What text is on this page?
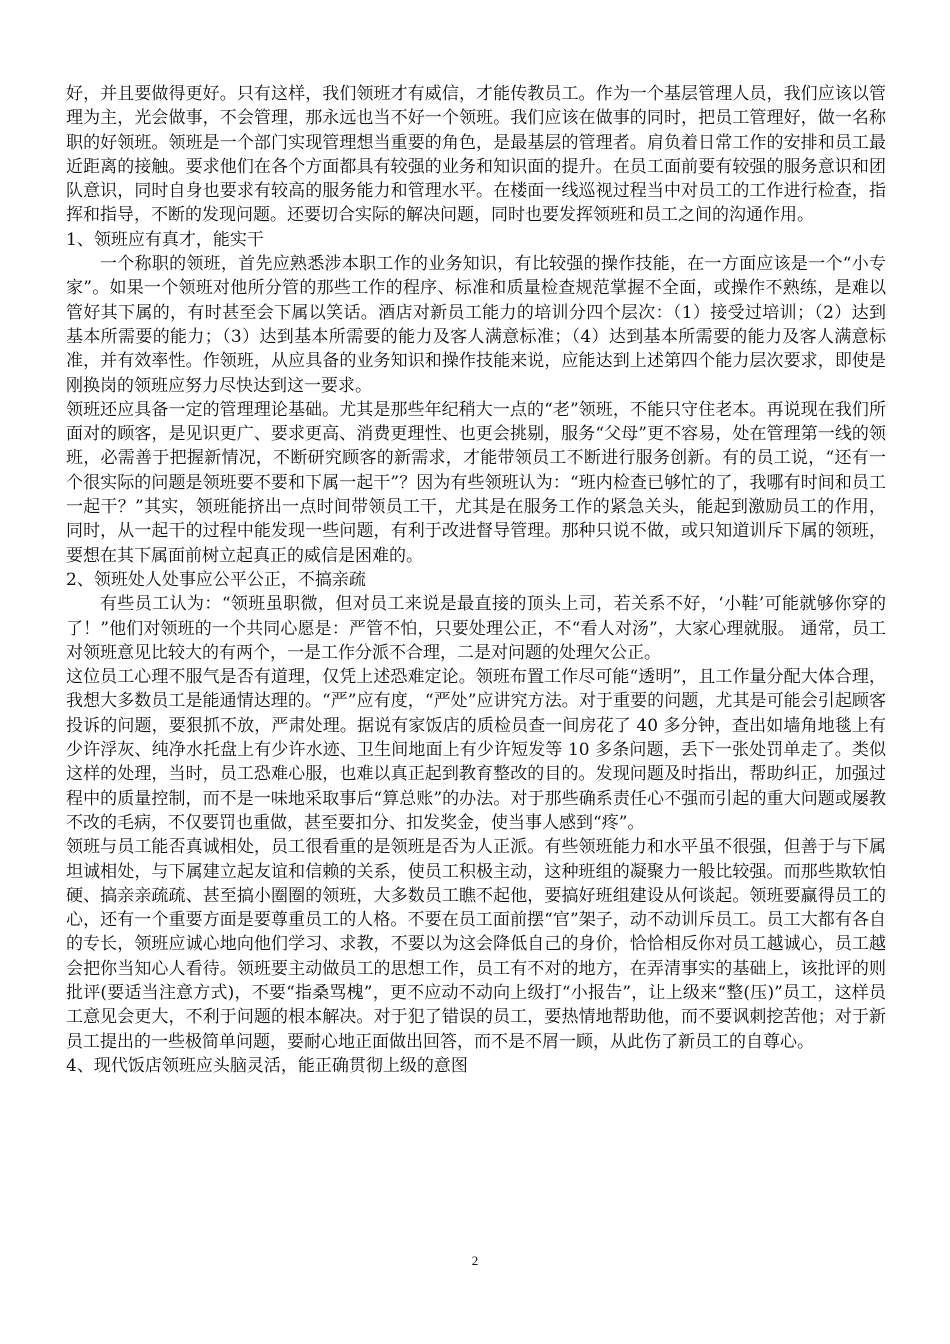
好，并且要做得更好。只有这样，我们领班才有威信，才能传教员工。作为一个基层管理人员，我们应该以管理为主，光会做事，不会管理，那永远也当不好一个领班。我们应该在做事的同时，把员工管理好，做一名称职的好领班。领班是一个部门实现管理想当重要的角色，是最基层的管理者。肩负着日常工作的安排和员工最近距离的接触。要求他们在各个方面都具有较强的业务和知识面的提升。在员工面前要有较强的服务意识和团队意识，同时自身也要求有较高的服务能力和管理水平。在楼面一线巡视过程当中对员工的工作进行检查，指挥和指导，不断的发现问题。还要切合实际的解决问题，同时也要发挥领班和员工之间的沟通作用。

1、领班应有真才，能实干

一个称职的领班，首先应熟悉涉本职工作的业务知识，有比较强的操作技能，在一方面应该是一个“小专家”。如果一个领班对他所分管的那些工作的程序、标准和质量检查规范掌握不全面，或操作不熟练，是难以管好其下属的，有时甚至会下属以笑话。酒店对新员工能力的培训分四个层次：（1）接受过培训；（2）达到基本所需要的能力；（3）达到基本所需要的能力及客人满意标准；（4）达到基本所需要的能力及客人满意标准，并有效率性。作领班，从应具备的业务知识和操作技能来说，应能达到上述第四个能力层次要求，即使是刚换岗的领班应努力尽快达到这一要求。

领班还应具备一定的管理理论基础。尤其是那些年纪稍大一点的“老”领班，不能只守住老本。再说现在我们所面对的顾客，是见识更广、要求更高、消费更理性、也更会挑剔，服务“父母”更不容易，处在管理第一线的领班，必需善于把握新情况，不断研究顾客的新需求，才能带领员工不断进行服务创新。有的员工说，“还有一个很实际的问题是领班要不要和下属一起干”？因为有些领班认为：“班内检查已够忙的了，我哪有时间和员工一起干？”其实，领班能挤出一点时间带领员工干，尤其是在服务工作的紧急关头，能起到激励员工的作用，同时，从一起干的过程中能发现一些问题，有利于改进督导管理。那种只说不做，或只知道训斥下属的领班，要想在其下属面前树立起真正的威信是困难的。

2、领班处人处事应公平公正，不搞亲疏

有些员工认为：“领班虽职微，但对员工来说是最直接的顶头上司，若关系不好，‘小鞋’可能就够你穿的了！”他们对领班的一个共同心愿是：严管不怕，只要处理公正，不“看人对汤”，大家心理就服。 通常，员工对领班意见比较大的有两个，一是工作分派不合理，二是对问题的处理欠公正。

这位员工心理不服气是否有道理，仅凭上述恐难定论。领班布置工作尽可能“透明”，且工作量分配大体合理，我想大多数员工是能通情达理的。“严”应有度，“严处”应讲究方法。对于重要的问题，尤其是可能会引起顾客投诉的问题，要狠抓不放，严肃处理。据说有家饭店的质检员查一间房花了 40 多分钟，查出如墙角地毯上有少许浮灰、纯净水托盘上有少许水迹、卫生间地面上有少许短发等 10 多条问题，丢下一张处罚单走了。类似这样的处理，当时，员工恐难心服，也难以真正起到教育整改的目的。发现问题及时指出，帮助纠正，加强过程中的质量控制，而不是一味地采取事后“算总账”的办法。对于那些确系责任心不强而引起的重大问题或屡教不改的毛病，不仅要罚也重做，甚至要扣分、扣发奖金，使当事人感到“疼”。

领班与员工能否真诚相处，员工很看重的是领班是否为人正派。有些领班能力和水平虽不很强，但善于与下属坦诚相处，与下属建立起友谊和信赖的关系，使员工积极主动，这种班组的凝聚力一般比较强。而那些欺软怕硬、搞亲亲疏疏、甚至搞小圈圈的领班，大多数员工瞧不起他，要搞好班组建设从何谈起。领班要赢得员工的心，还有一个重要方面是要尊重员工的人格。不要在员工面前摆“官”架子，动不动训斥员工。员工大都有各自的专长，领班应诚心地向他们学习、求教，不要以为这会降低自己的身价，恰恰相反你对员工越诚心，员工越会把你当知心人看待。领班要主动做员工的思想工作，员工有不对的地方，在弄清事实的基础上，该批评的则批评(要适当注意方式)，不要“指桑骂槐”，更不应动不动向上级打“小报告”，让上级来“整(压)”员工，这样员工意见会更大，不利于问题的根本解决。对于犯了错误的员工，要热情地帮助他，而不要讽刺挖苦他；对于新员工提出的一些极简单问题，要耐心地正面做出回答，而不是不屑一顾，从此伤了新员工的自尊心。

4、现代饭店领班应头脑灵活，能正确贯彻上级的意图

2
